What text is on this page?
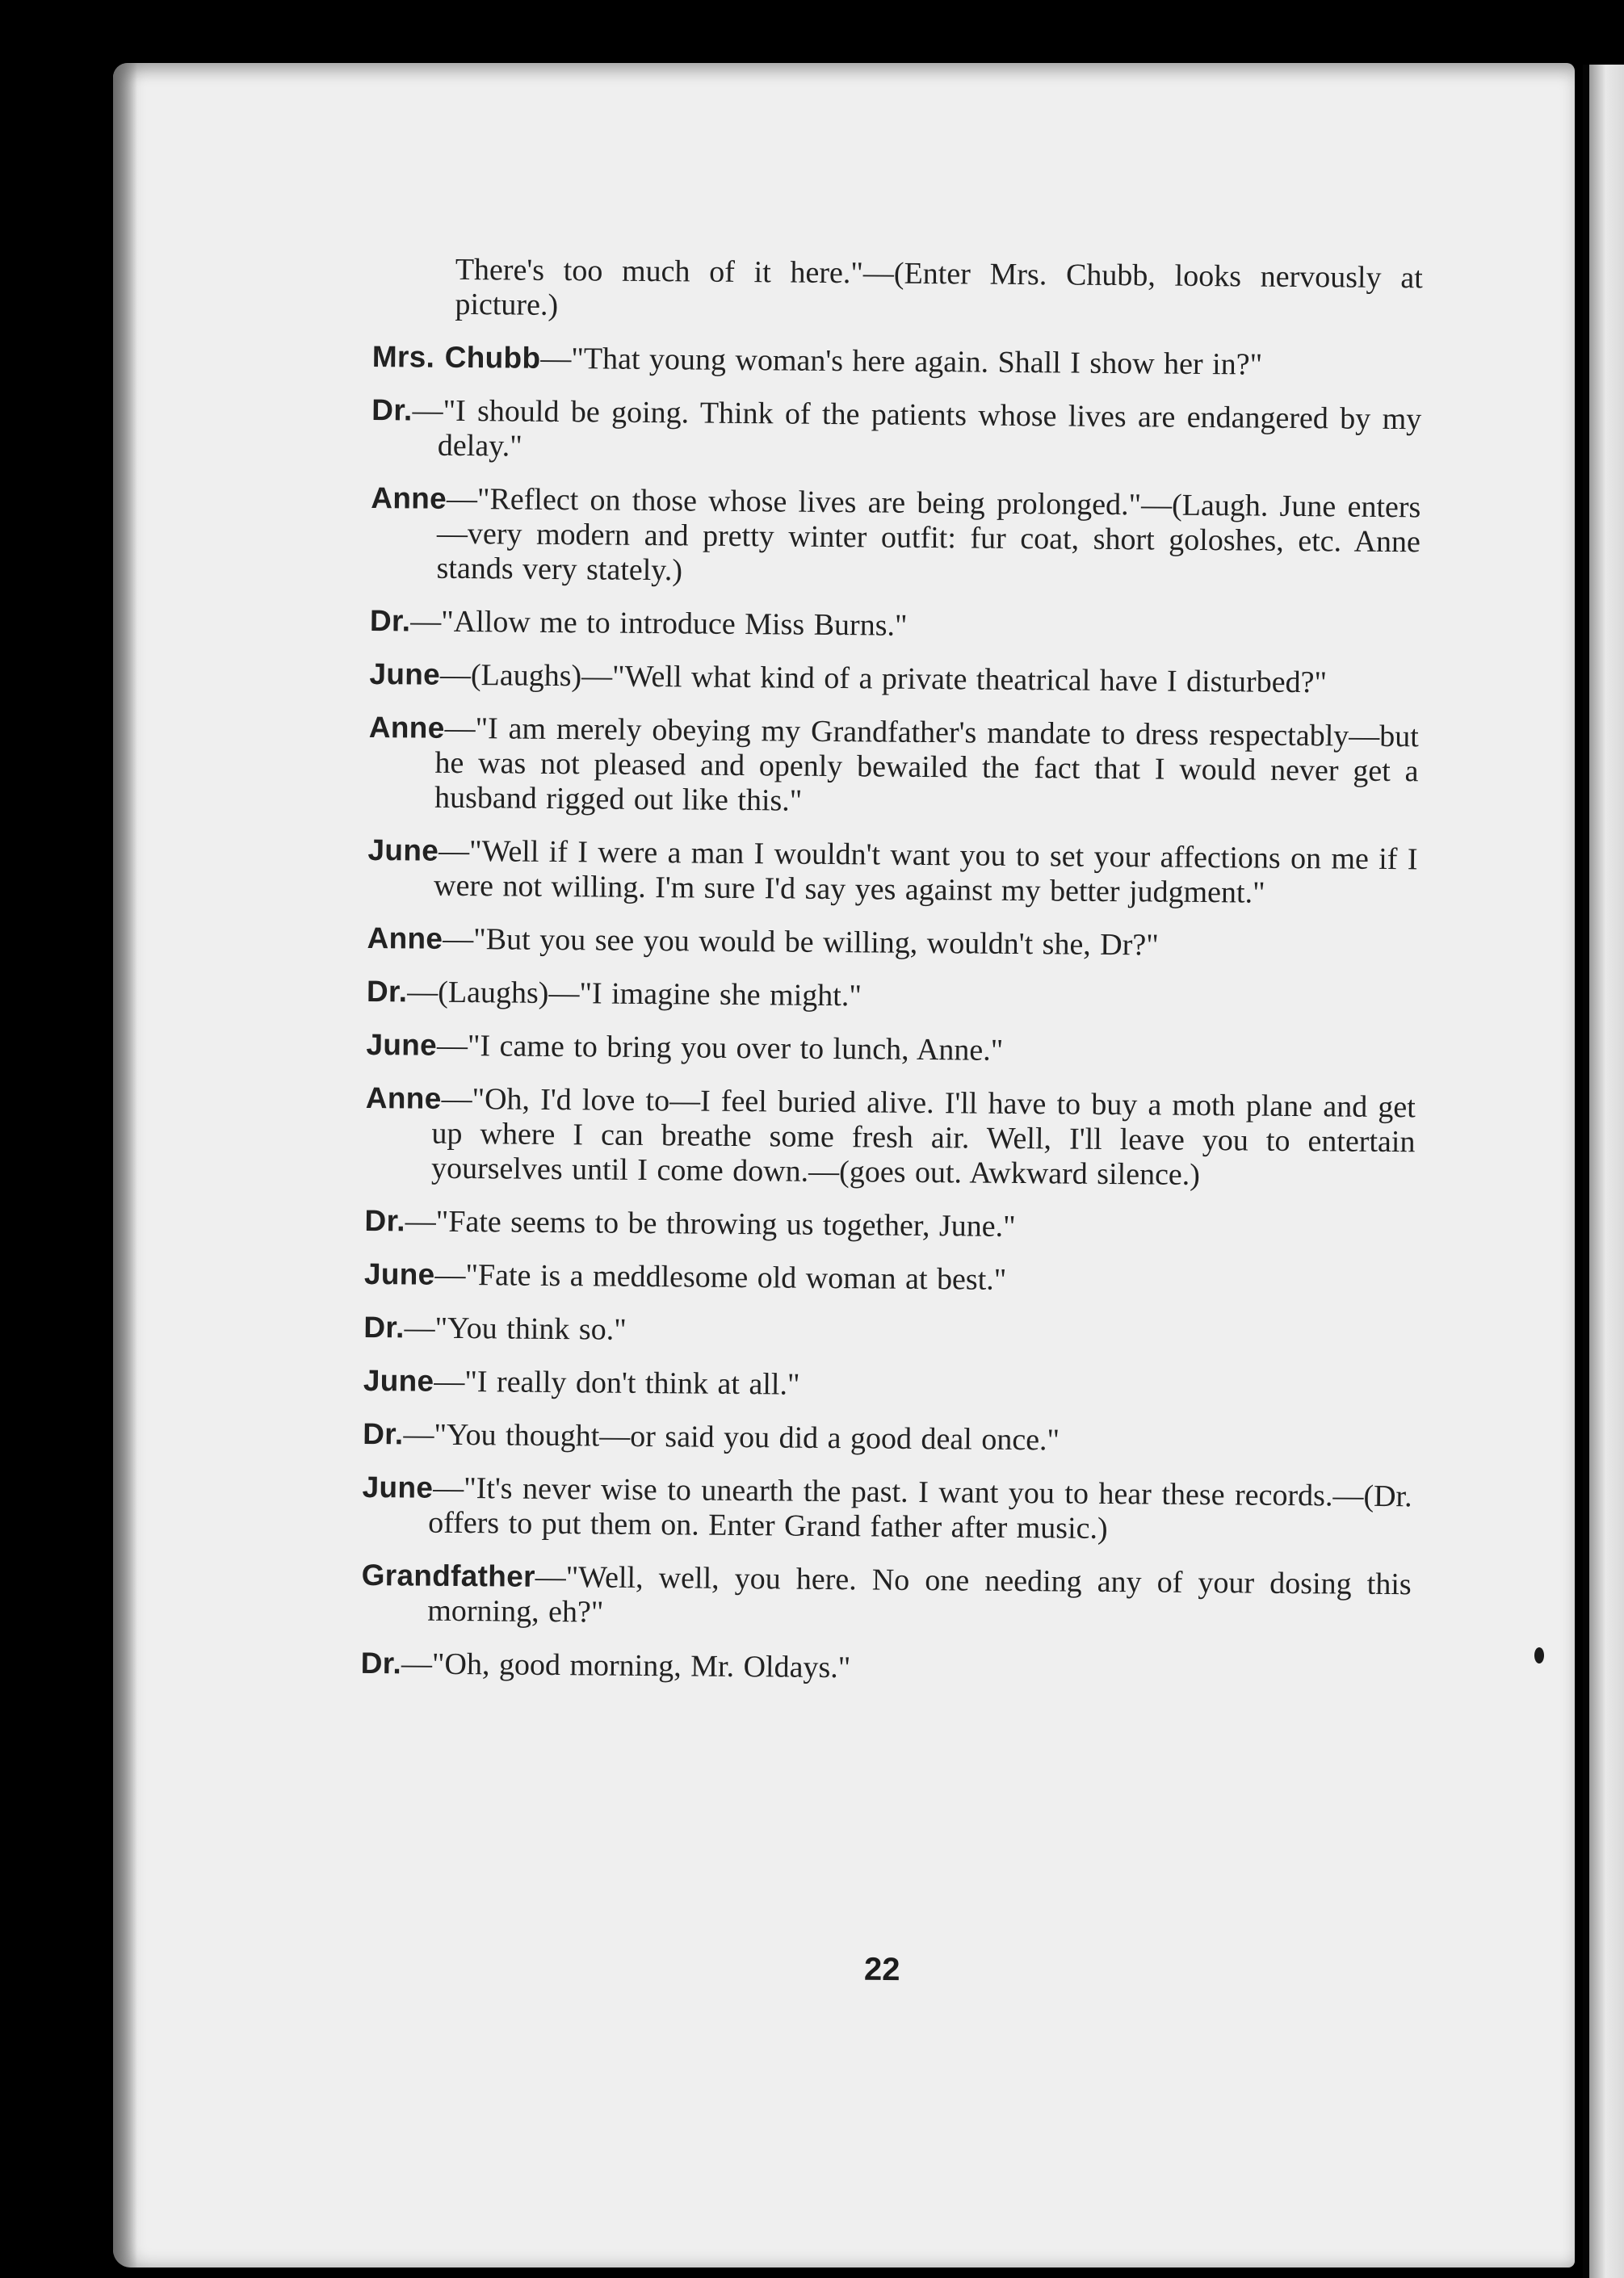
There's too much of it here."—(Enter Mrs. Chubb, looks nervously at picture.)

Mrs. Chubb—"That young woman's here again. Shall I show her in?"

Dr.—"I should be going. Think of the patients whose lives are endangered by my delay."

Anne—"Reflect on those whose lives are being prolonged."—(Laugh. June enters—very modern and pretty winter outfit: fur coat, short goloshes, etc. Anne stands very stately.)

Dr.—"Allow me to introduce Miss Burns."

June—(Laughs)—"Well what kind of a private theatrical have I disturbed?"

Anne—"I am merely obeying my Grandfather's mandate to dress respectably—but he was not pleased and openly bewailed the fact that I would never get a husband rigged out like this."

June—"Well if I were a man I wouldn't want you to set your affections on me if I were not willing. I'm sure I'd say yes against my better judgment."

Anne—"But you see you would be willing, wouldn't she, Dr?"

Dr.—(Laughs)—"I imagine she might."

June—"I came to bring you over to lunch, Anne."

Anne—"Oh, I'd love to—I feel buried alive. I'll have to buy a moth plane and get up where I can breathe some fresh air. Well, I'll leave you to entertain yourselves until I come down.—(goes out. Awkward silence.)

Dr.—"Fate seems to be throwing us together, June."

June—"Fate is a meddlesome old woman at best."

Dr.—"You think so."

June—"I really don't think at all."

Dr.—"You thought—or said you did a good deal once."

June—"It's never wise to unearth the past. I want you to hear these records.—(Dr. offers to put them on. Enter Grand father after music.)

Grandfather—"Well, well, you here. No one needing any of your dosing this morning, eh?"

Dr.—"Oh, good morning, Mr. Oldays."

22
